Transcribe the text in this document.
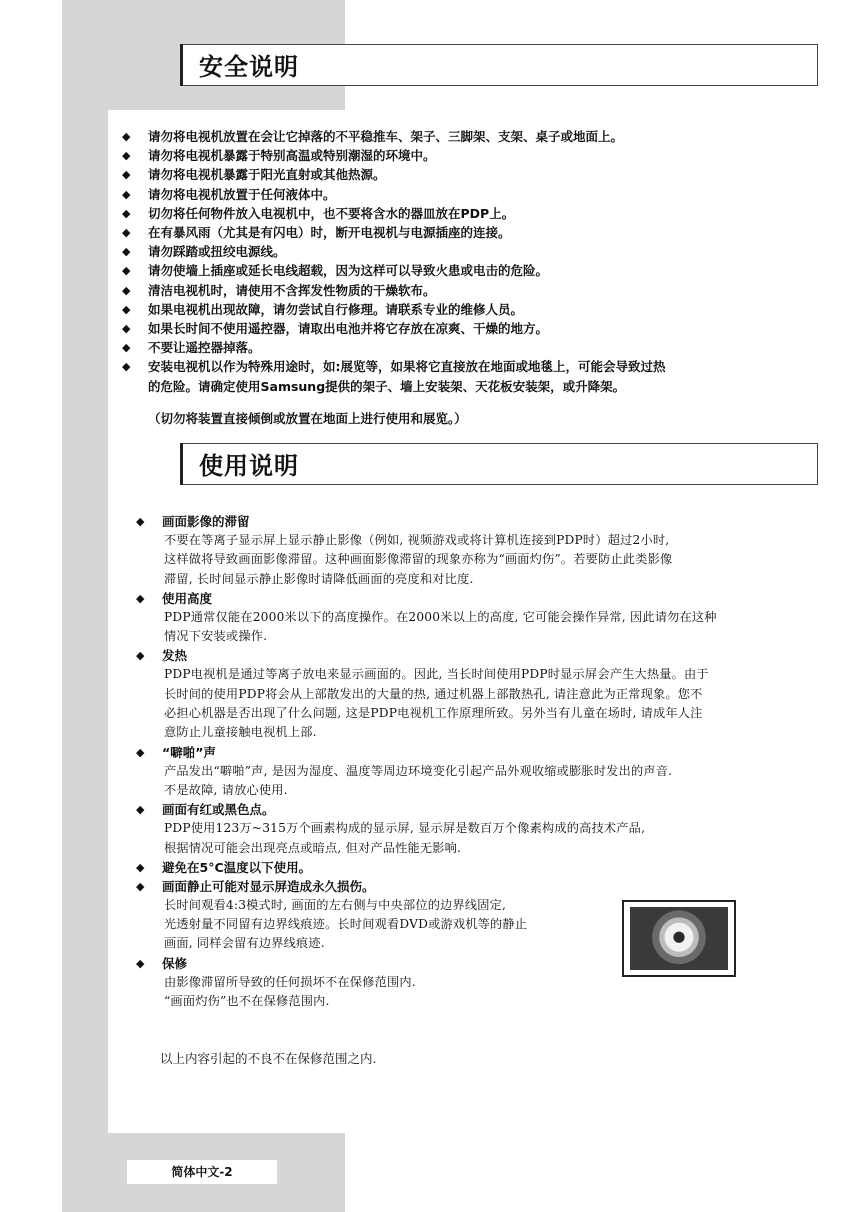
安全说明
◆ 请勿将电视机放置在会让它掉落的不平稳推车、架子、三脚架、支架、桌子或地面上。
◆ 请勿将电视机暴露于特别高温或特别潮湿的环境中。
◆ 请勿将电视机暴露于阳光直射或其他热源。
◆ 请勿将电视机放置于任何液体中。
◆ 切勿将任何物件放入电视机中，也不要将含水的器皿放在PDP上。
◆ 在有暴风雨（尤其是有闪电）时，断开电视机与电源插座的连接。
◆ 请勿踩踏或扭绞电源线。
◆ 请勿使墙上插座或延长电线超载，因为这样可以导致火患或电击的危险。
◆ 清洁电视机时，请使用不含挥发性物质的干燥软布。
◆ 如果电视机出现故障，请勿尝试自行修理。请联系专业的维修人员。
◆ 如果长时间不使用遥控器，请取出电池并将它存放在凉爽、干燥的地方。
◆ 不要让遥控器掉落。
◆ 安装电视机以作为特殊用途时，如:展览等，如果将它直接放在地面或地毯上，可能会导致过热
的危险。请确定使用Samsung提供的架子、墙上安装架、天花板安装架，或升降架。
（切勿将装置直接倾倒或放置在地面上进行使用和展览。）
使用说明
◆ 画面影像的滞留
不要在等离子显示屏上显示静止影像（例如, 视频游戏或将计算机连接到PDP时）超过2小时,
这样做将导致画面影像滞留。这种画面影像滞留的现象亦称为“画面灼伤”。若要防止此类影像
滞留, 长时间显示静止影像时请降低画面的亮度和对比度.
◆ 使用高度
PDP通常仅能在2000米以下的高度操作。在2000米以上的高度, 它可能会操作异常, 因此请勿在这种
情况下安装或操作.
◆ 发热
PDP电视机是通过等离子放电来显示画面的。因此, 当长时间使用PDP时显示屏会产生大热量。由于
长时间的使用PDP将会从上部散发出的大量的热, 通过机器上部散热孔, 请注意此为正常现象。您不
必担心机器是否出现了什么问题, 这是PDP电视机工作原理所致。另外当有儿童在场时, 请成年人注
意防止儿童接触电视机上部.
◆ “噼啪”声
产品发出“噼啪”声, 是因为湿度、温度等周边环境变化引起产品外观收缩或膨胀时发出的声音.
不是故障, 请放心使用.
◆ 画面有红或黑色点。
PDP使用123万~315万个画素构成的显示屏, 显示屏是数百万个像素构成的高技术产品,
根据情况可能会出现亮点或暗点, 但对产品性能无影响.
◆ 避免在5°C温度以下使用。
◆ 画面静止可能对显示屏造成永久损伤。
长时间观看4:3模式时, 画面的左右侧与中央部位的边界线固定,
光透射量不同留有边界线痕迹。长时间观看DVD或游戏机等的静止
画面, 同样会留有边界线痕迹.
◆ 保修
由影像滞留所导致的任何损坏不在保修范围内.
“画面灼伤”也不在保修范围内.
以上内容引起的不良不在保修范围之内.
简体中文-2
